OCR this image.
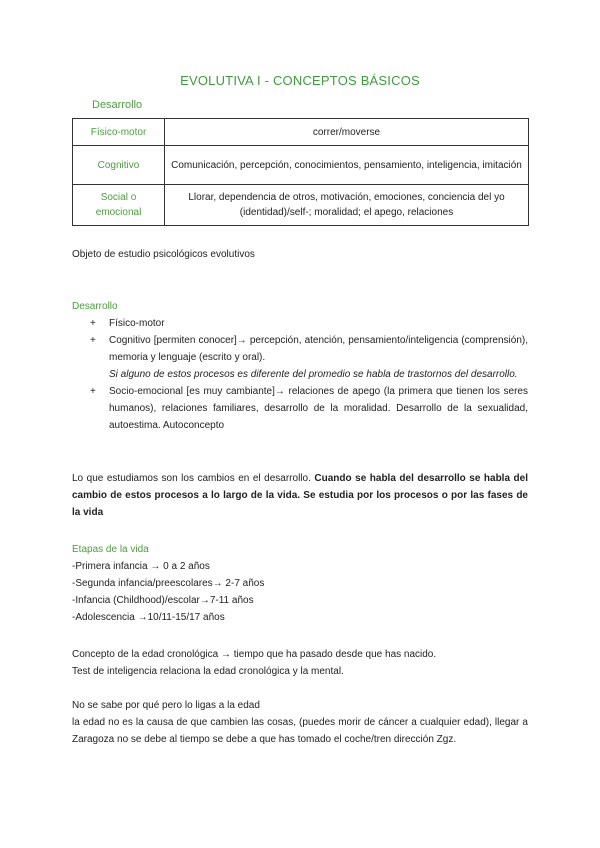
EVOLUTIVA I - CONCEPTOS BÁSICOS
Desarrollo
Físico-motor	correr/moverse
Cognitivo	Comunicación, percepción, conocimientos, pensamiento, inteligencia, imitación
Social o emocional	Llorar, dependencia de otros, motivación, emociones, conciencia del yo (identidad)/self-; moralidad; el apego, relaciones
Objeto de estudio psicológicos evolutivos
Desarrollo
+ Físico-motor
+ Cognitivo [permiten conocer]→ percepción, atención, pensamiento/inteligencia (comprensión), memoria y lenguaje (escrito y oral).
Si alguno de estos procesos es diferente del promedio se habla de trastornos del desarrollo.
+ Socio-emocional [es muy cambiante]→ relaciones de apego (la primera que tienen los seres humanos), relaciones familiares, desarrollo de la moralidad. Desarrollo de la sexualidad, autoestima. Autoconcepto
Lo que estudiamos son los cambios en el desarrollo. Cuando se habla del desarrollo se habla del cambio de estos procesos a lo largo de la vida. Se estudia por los procesos o por las fases de la vida
Etapas de la vida
-Primera infancia → 0 a 2 años
-Segunda infancia/preescolares→ 2-7 años
-Infancia (Childhood)/escolar→7-11 años
-Adolescencia →10/11-15/17 años
Concepto de la edad cronológica → tiempo que ha pasado desde que has nacido.
Test de inteligencia relaciona la edad cronológica y la mental.
No se sabe por qué pero lo ligas a la edad
la edad no es la causa de que cambien las cosas, (puedes morir de cáncer a cualquier edad), llegar a Zaragoza no se debe al tiempo se debe a que has tomado el coche/tren dirección Zgz.
